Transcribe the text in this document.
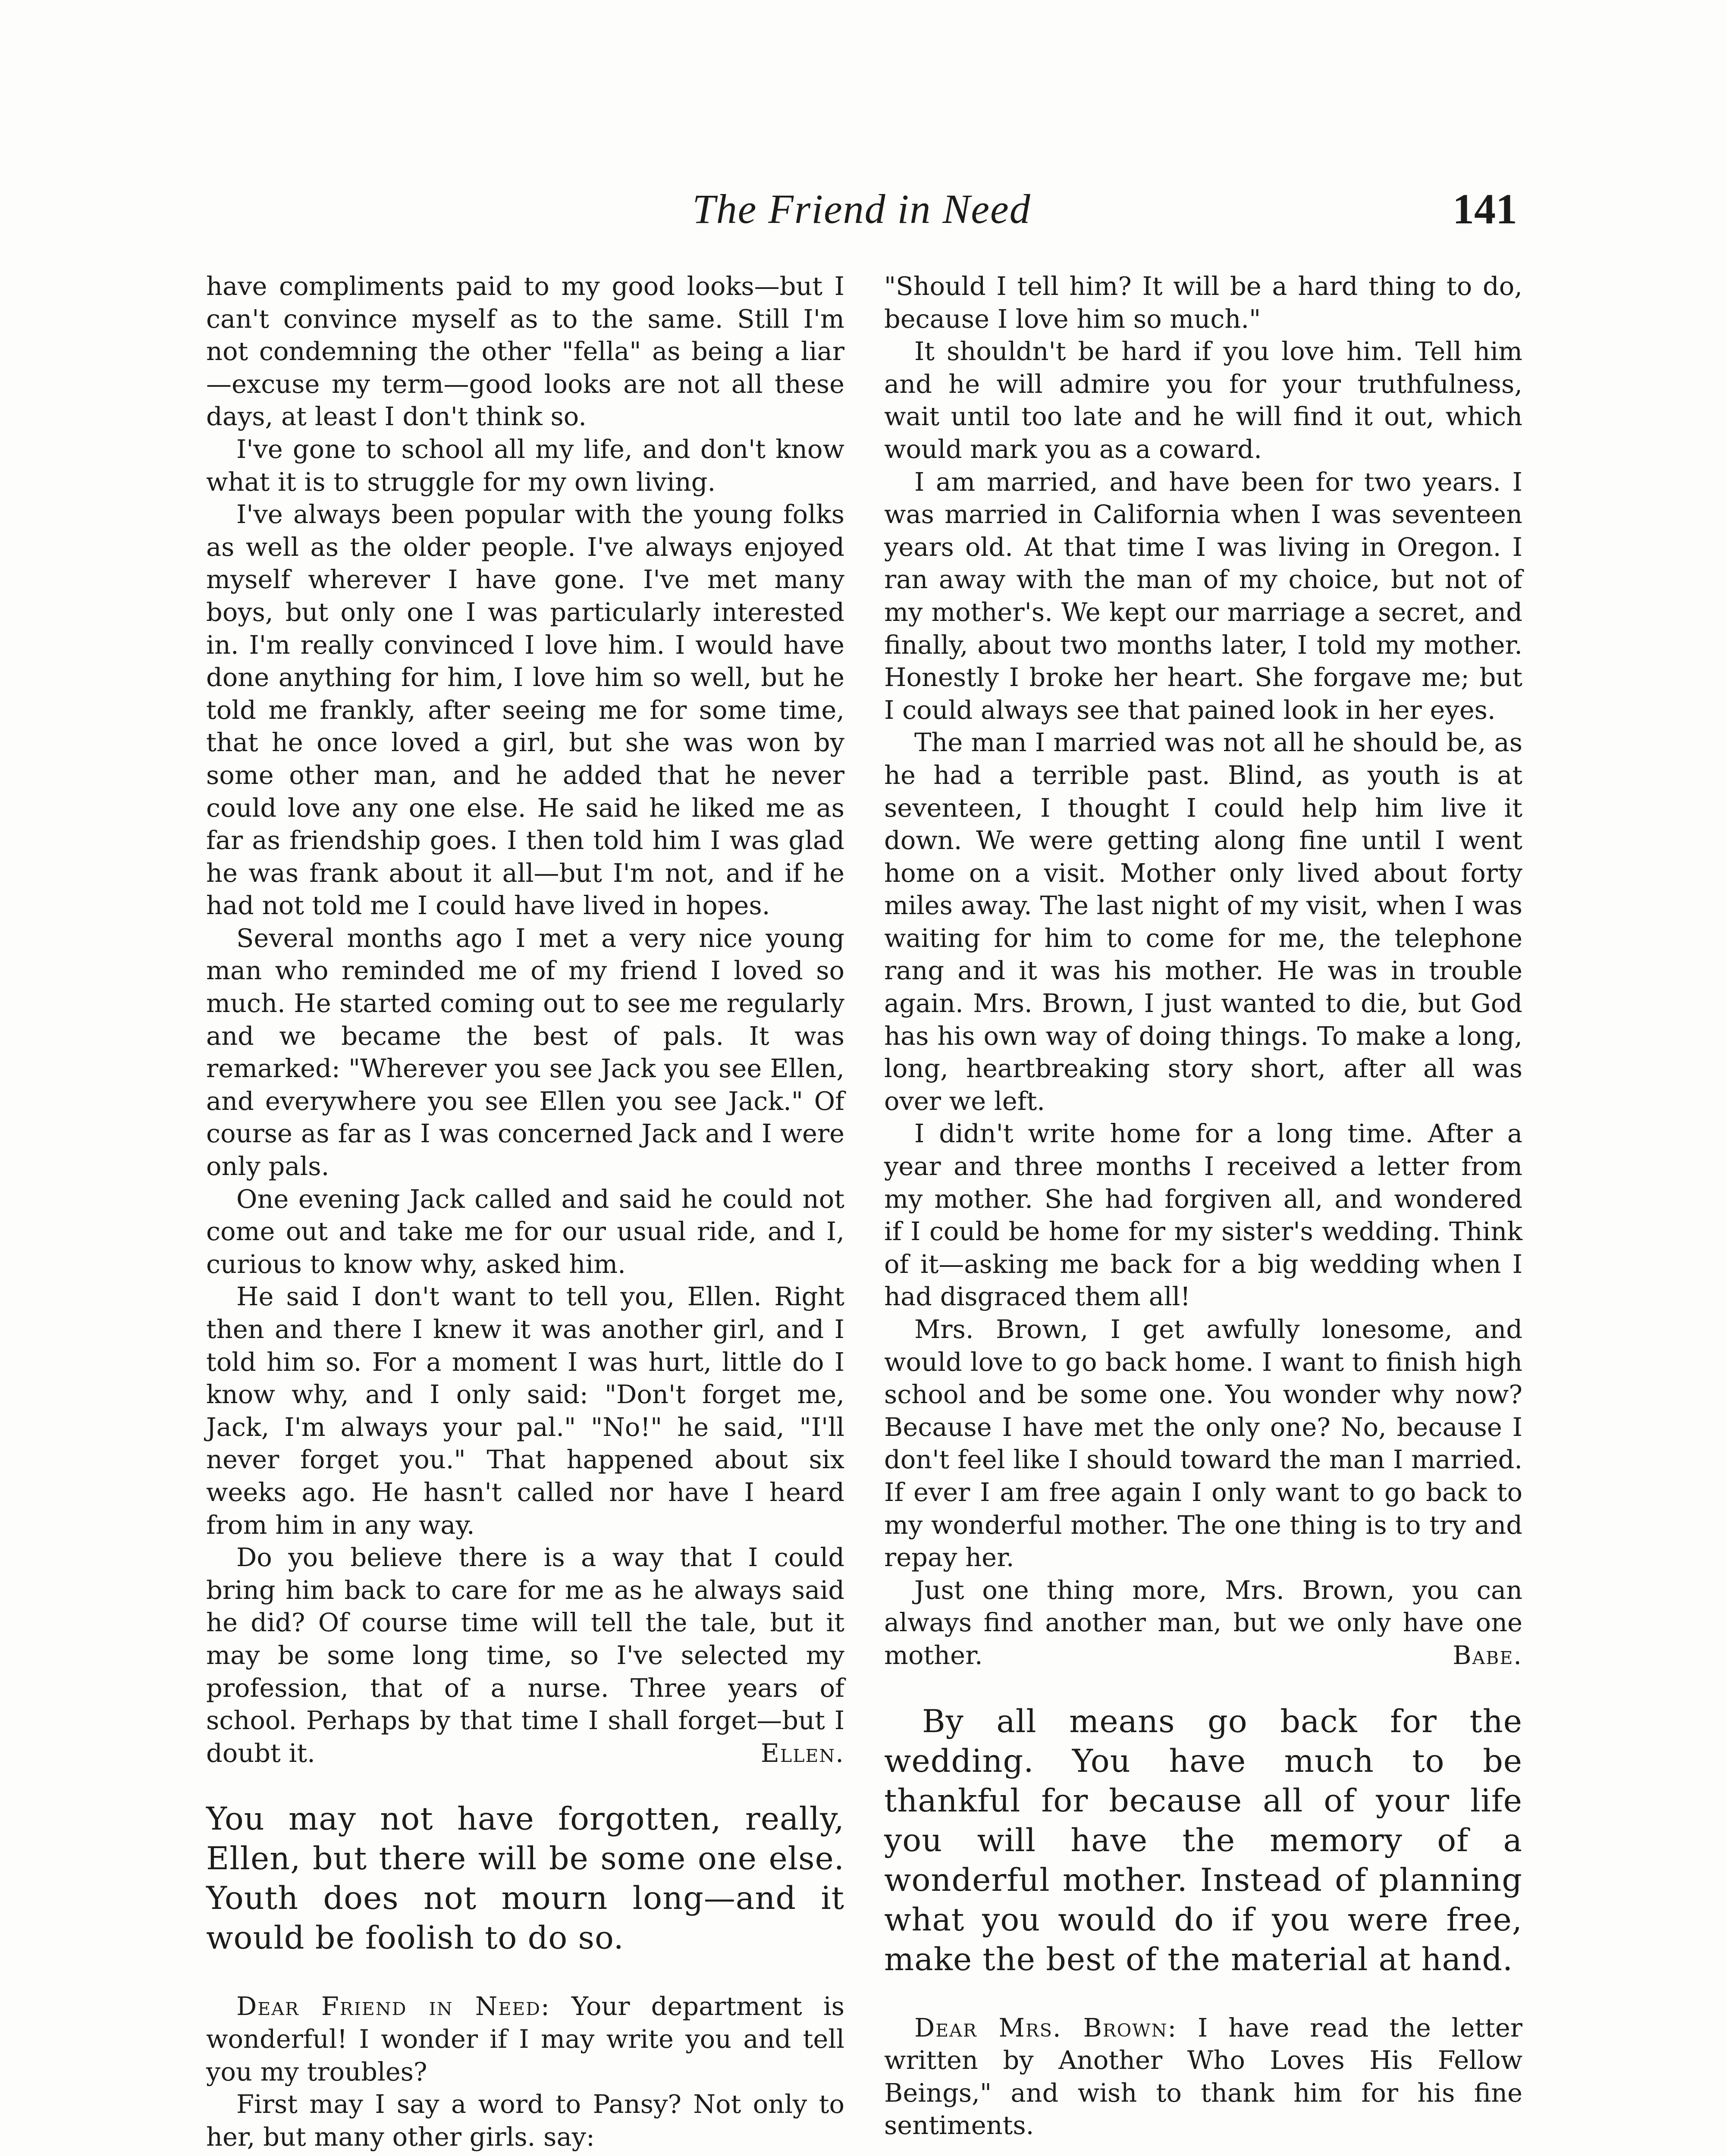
The Friend in Need	141

have compliments paid to my good looks—but I can't convince myself as to the same. Still I'm not condemning the other "fella" as being a liar—excuse my term—good looks are not all these days, at least I don't think so.

I've gone to school all my life, and don't know what it is to struggle for my own living.

I've always been popular with the young folks as well as the older people. I've always enjoyed myself wherever I have gone. I've met many boys, but only one I was particularly interested in. I'm really convinced I love him. I would have done anything for him, I love him so well, but he told me frankly, after seeing me for some time, that he once loved a girl, but she was won by some other man, and he added that he never could love any one else. He said he liked me as far as friendship goes. I then told him I was glad he was frank about it all—but I'm not, and if he had not told me I could have lived in hopes.

Several months ago I met a very nice young man who reminded me of my friend I loved so much. He started coming out to see me regularly and we became the best of pals. It was remarked: "Wherever you see Jack you see Ellen, and everywhere you see Ellen you see Jack." Of course as far as I was concerned Jack and I were only pals.

One evening Jack called and said he could not come out and take me for our usual ride, and I, curious to know why, asked him.

He said I don't want to tell you, Ellen. Right then and there I knew it was another girl, and I told him so. For a moment I was hurt, little do I know why, and I only said: "Don't forget me, Jack, I'm always your pal." "No!" he said, "I'll never forget you." That happened about six weeks ago. He hasn't called nor have I heard from him in any way.

Do you believe there is a way that I could bring him back to care for me as he always said he did? Of course time will tell the tale, but it may be some long time, so I've selected my profession, that of a nurse. Three years of school. Perhaps by that time I shall forget—but I doubt it.	Ellen.

You may not have forgotten, really, Ellen, but there will be some one else. Youth does not mourn long—and it would be foolish to do so.

Dear Friend in Need: Your department is wonderful! I wonder if I may write you and tell you my troubles?

First may I say a word to Pansy? Not only to her, but many other girls. say:

"Should I tell him? It will be a hard thing to do, because I love him so much."

It shouldn't be hard if you love him. Tell him and he will admire you for your truthfulness, wait until too late and he will find it out, which would mark you as a coward.

I am married, and have been for two years. I was married in California when I was seventeen years old. At that time I was living in Oregon. I ran away with the man of my choice, but not of my mother's. We kept our marriage a secret, and finally, about two months later, I told my mother. Honestly I broke her heart. She forgave me; but I could always see that pained look in her eyes.

The man I married was not all he should be, as he had a terrible past. Blind, as youth is at seventeen, I thought I could help him live it down. We were getting along fine until I went home on a visit. Mother only lived about forty miles away. The last night of my visit, when I was waiting for him to come for me, the telephone rang and it was his mother. He was in trouble again. Mrs. Brown, I just wanted to die, but God has his own way of doing things. To make a long, long, heartbreaking story short, after all was over we left.

I didn't write home for a long time. After a year and three months I received a letter from my mother. She had forgiven all, and wondered if I could be home for my sister's wedding. Think of it—asking me back for a big wedding when I had disgraced them all!

Mrs. Brown, I get awfully lonesome, and would love to go back home. I want to finish high school and be some one. You wonder why now? Because I have met the only one? No, because I don't feel like I should toward the man I married. If ever I am free again I only want to go back to my wonderful mother. The one thing is to try and repay her.

Just one thing more, Mrs. Brown, you can always find another man, but we only have one mother.	Babe.

By all means go back for the wedding. You have much to be thankful for because all of your life you will have the memory of a wonderful mother. Instead of planning what you would do if you were free, make the best of the material at hand.

Dear Mrs. Brown: I have read the letter written by Another Who Loves His Fellow Beings," and wish to thank him for his fine sentiments.
